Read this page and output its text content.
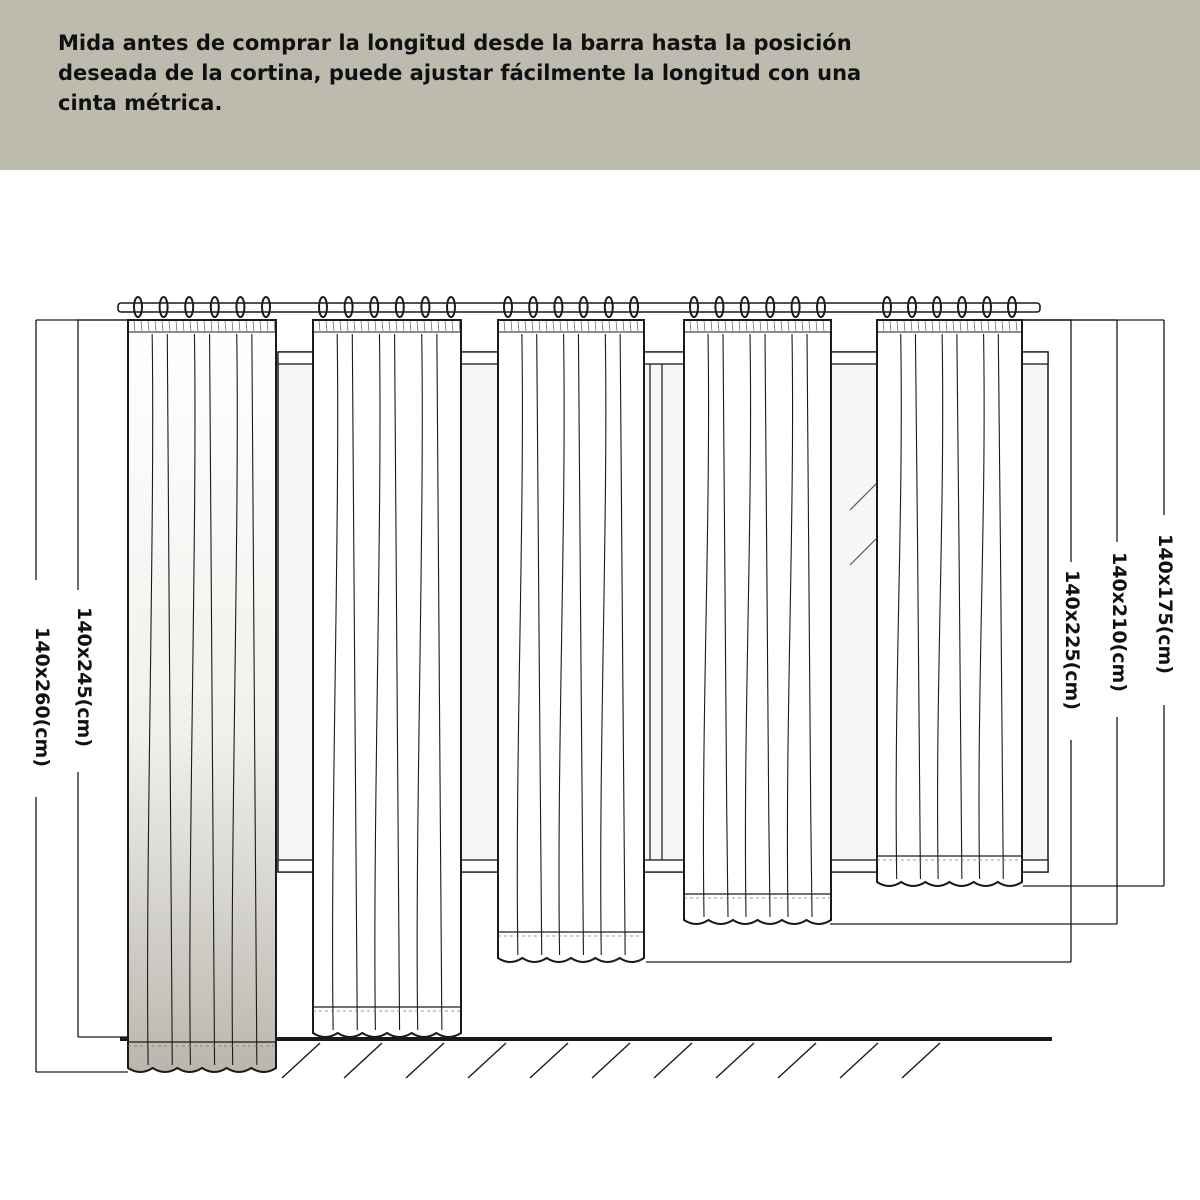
Mida antes de comprar la longitud desde la barra hasta la posición deseada de la cortina, puede ajustar fácilmente la longitud con una cinta métrica.

140x260(cm) 140x245(cm)	140x225(cm) 140x210(cm) 140x175(cm)
